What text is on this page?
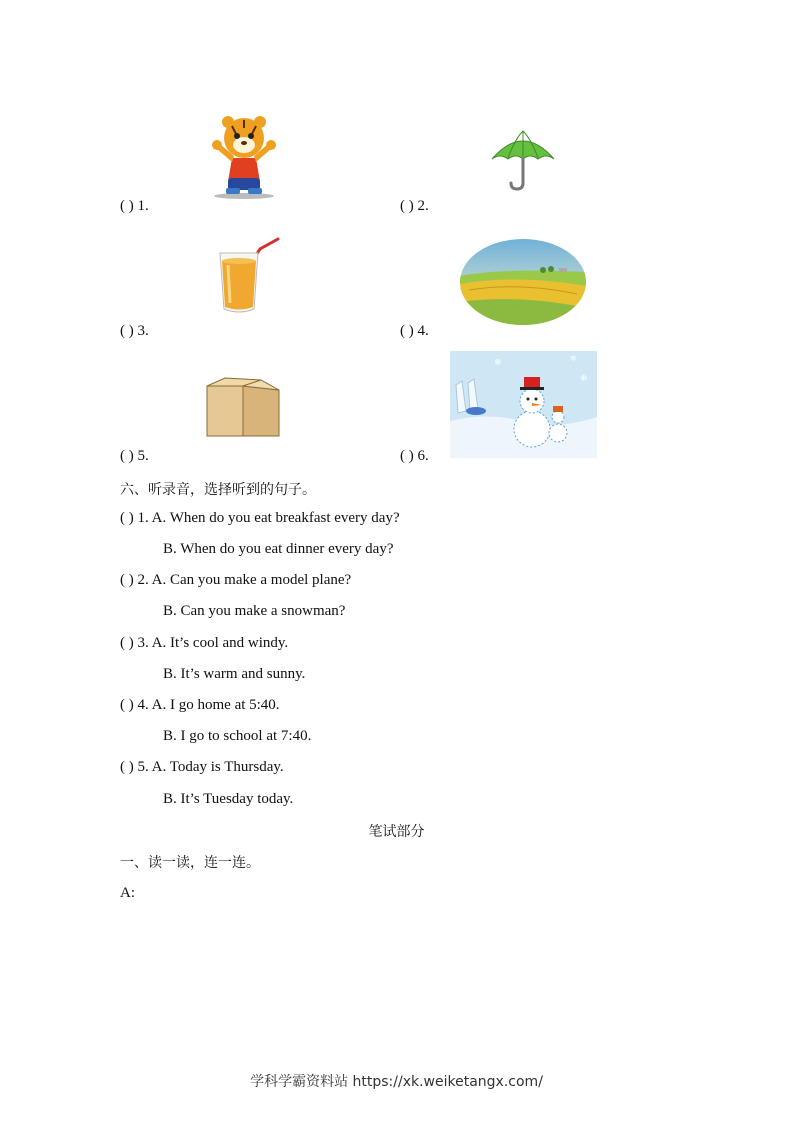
( ) 1.	( ) 2.
( ) 3.	( ) 4.
( ) 5.
❄
❄
❄
( ) 6.
六、听录音，选择听到的句子。
( ) 1. A. When do you eat breakfast every day?
B. When do you eat dinner every day?
( ) 2. A. Can you make a model plane?
B. Can you make a snowman?
( ) 3. A. It’s cool and windy.
B. It’s warm and sunny.
( ) 4. A. I go home at 5:40.
B. I go to school at 7:40.
( ) 5. A. Today is Thursday.
B. It’s Tuesday today.
笔试部分
一、读一读，连一连。
A:
学科学霸资料站 https://xk.weiketangx.com/
